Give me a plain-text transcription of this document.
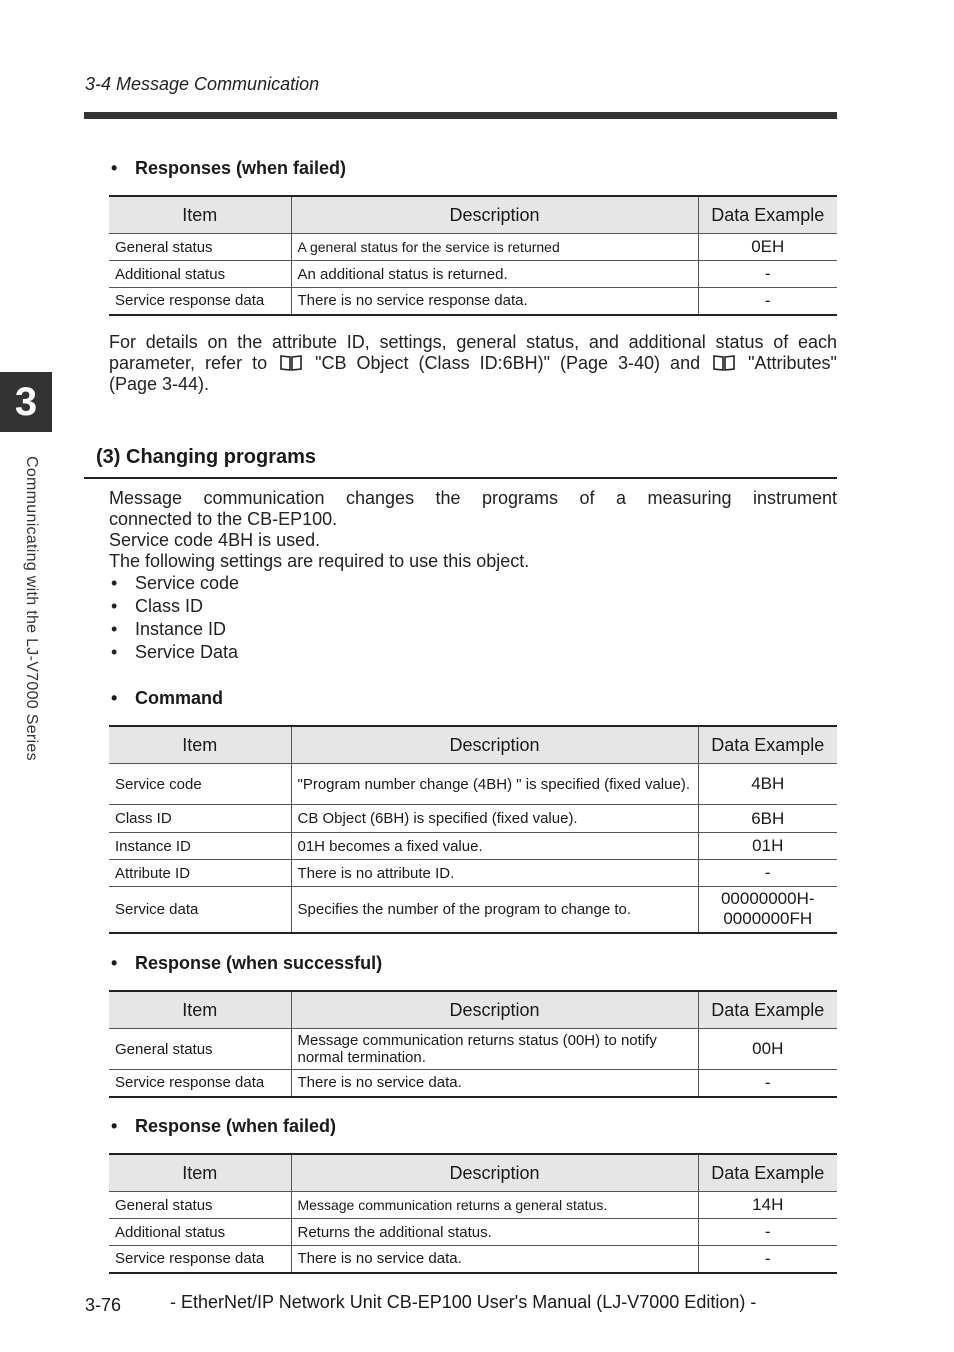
3-4 Message Communication
3
Communicating with the LJ-V7000 Series
• Responses (when failed)
Item	Description	Data Example
General status	A general status for the service is returned	0EH
Additional status	An additional status is returned.	-
Service response data	There is no service response data.	-
For details on the attribute ID, settings, general status, and additional status of each
parameter, refer to	"CB Object (Class ID:6BH)" (Page 3-40) and	"Attributes"
(Page 3-44).
(3) Changing programs
Message communication changes the programs of a measuring instrument
connected to the CB-EP100.
Service code 4BH is used.
The following settings are required to use this object.
• Service code
• Class ID
• Instance ID
• Service Data
• Command
Item	Description	Data Example
Service code	"Program number change (4BH) " is specified (fixed value).	4BH
Class ID	CB Object (6BH) is specified (fixed value).	6BH
Instance ID	01H becomes a fixed value.	01H
Attribute ID	There is no attribute ID.	-
Service data	Specifies the number of the program to change to.	00000000H-0000000FH
• Response (when successful)
Item	Description	Data Example
General status	Message communication returns status (00H) to notify normal termination.	00H
Service response data	There is no service data.	-
• Response (when failed)
Item	Description	Data Example
General status	Message communication returns a general status.	14H
Additional status	Returns the additional status.	-
Service response data	There is no service data.	-
3-76	- EtherNet/IP Network Unit CB-EP100 User's Manual (LJ-V7000 Edition) -
